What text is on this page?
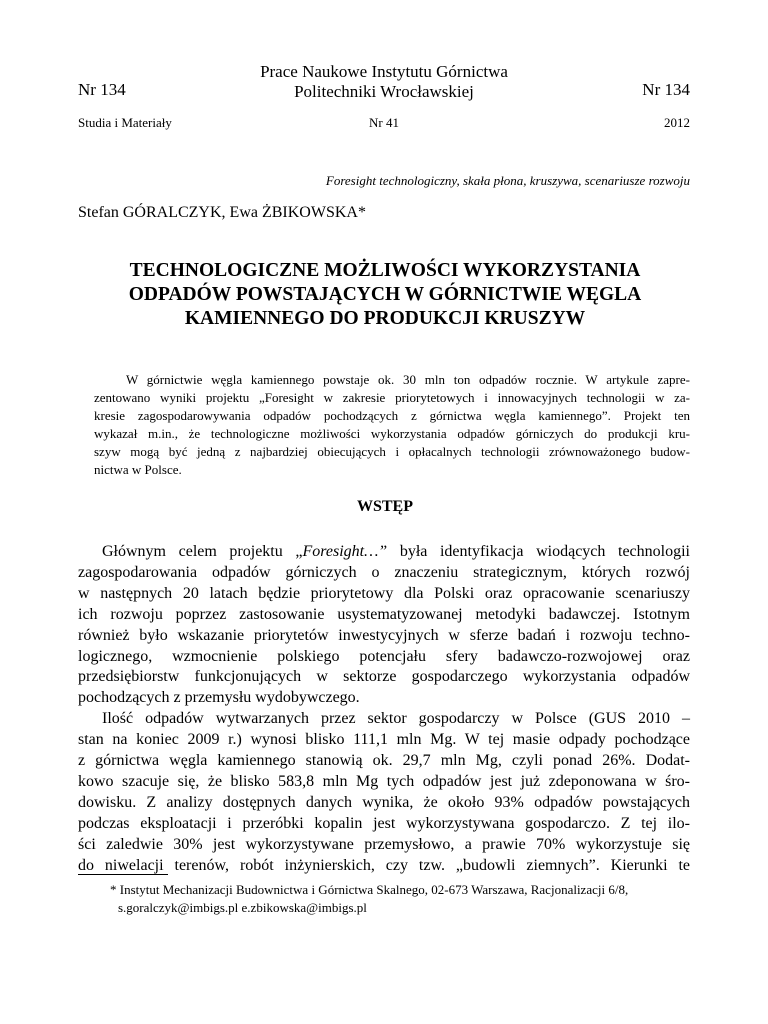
Nr 134
Prace Naukowe Instytutu Górnictwa
Politechniki Wrocławskiej	Nr 134
Studia i Materiały	Nr 41	2012
Foresight technologiczny, skała płona, kruszywa, scenariusze rozwoju
Stefan GÓRALCZYK, Ewa ŻBIKOWSKA*
TECHNOLOGICZNE MOŻLIWOŚCI WYKORZYSTANIA
ODPADÓW POWSTAJĄCYCH W GÓRNICTWIE WĘGLA
KAMIENNEGO DO PRODUKCJI KRUSZYW

W górnictwie węgla kamiennego powstaje ok. 30 mln ton odpadów rocznie. W artykule zapre-

zentowano wyniki projektu „Foresight w zakresie priorytetowych i innowacyjnych technologii w za-

kresie zagospodarowywania odpadów pochodzących z górnictwa węgla kamiennego”. Projekt ten

wykazał m.in., że technologiczne możliwości wykorzystania odpadów górniczych do produkcji kru-

szyw mogą być jedną z najbardziej obiecujących i opłacalnych technologii zrównoważonego budow-

nictwa w Polsce.

WSTĘP

Głównym celem projektu „Foresight…” była identyfikacja wiodących technologii

zagospodarowania odpadów górniczych o znaczeniu strategicznym, których rozwój

w następnych 20 latach będzie priorytetowy dla Polski oraz opracowanie scenariuszy

ich rozwoju poprzez zastosowanie usystematyzowanej metodyki badawczej. Istotnym

również było wskazanie priorytetów inwestycyjnych w sferze badań i rozwoju techno-

logicznego, wzmocnienie polskiego potencjału sfery badawczo-rozwojowej oraz

przedsiębiorstw funkcjonujących w sektorze gospodarczego wykorzystania odpadów

pochodzących z przemysłu wydobywczego.

Ilość odpadów wytwarzanych przez sektor gospodarczy w Polsce (GUS 2010 –

stan na koniec 2009 r.) wynosi blisko 111,1 mln Mg. W tej masie odpady pochodzące

z górnictwa węgla kamiennego stanowią ok. 29,7 mln Mg, czyli ponad 26%. Dodat-

kowo szacuje się, że blisko 583,8 mln Mg tych odpadów jest już zdeponowana w śro-

dowisku. Z analizy dostępnych danych wynika, że około 93% odpadów powstających

podczas eksploatacji i przeróbki kopalin jest wykorzystywana gospodarczo. Z tej ilo-

ści zaledwie 30% jest wykorzystywane przemysłowo, a prawie 70% wykorzystuje się

do niwelacji terenów, robót inżynierskich, czy tzw. „budowli ziemnych”. Kierunki te

* Instytut Mechanizacji Budownictwa i Górnictwa Skalnego, 02-673 Warszawa, Racjonalizacji 6/8,

s.goralczyk@imbigs.pl e.zbikowska@imbigs.pl
